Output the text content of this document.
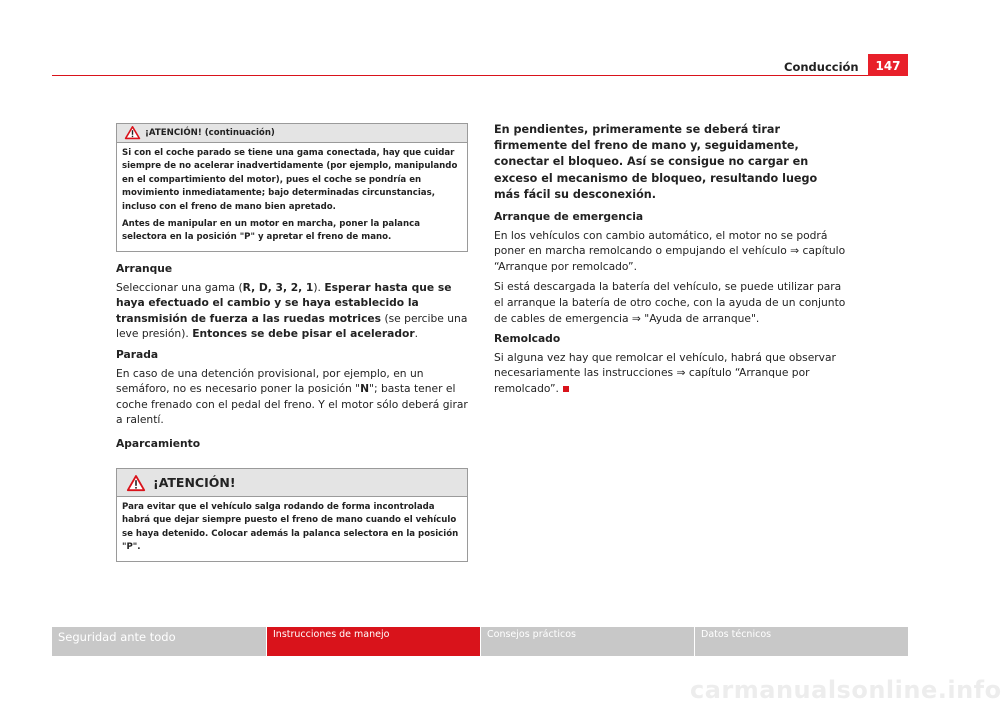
Conducción	147
¡ATENCIÓN! (continuación)

Si con el coche parado se tiene una gama conectada, hay que cuidar siempre de no acelerar inadvertidamente (por ejemplo, manipulando en el compartimiento del motor), pues el coche se pondría en movimiento inmediatamente; bajo determinadas circunstancias, incluso con el freno de mano bien apretado.

Antes de manipular en un motor en marcha, poner la palanca selectora en la posición "P" y apretar el freno de mano.

Arranque

Seleccionar una gama (R, D, 3, 2, 1). Esperar hasta que se haya efectuado el cambio y se haya establecido la transmisión de fuerza a las ruedas motrices (se percibe una leve presión). Entonces se debe pisar el acelerador.

Parada

En caso de una detención provisional, por ejemplo, en un semáforo, no es necesario poner la posición "N"; basta tener el coche frenado con el pedal del freno. Y el motor sólo deberá girar a ralentí.

Aparcamiento
¡ATENCIÓN!

Para evitar que el vehículo salga rodando de forma incontrolada habrá que dejar siempre puesto el freno de mano cuando el vehículo se haya detenido. Colocar además la palanca selectora en la posición "P".

En pendientes, primeramente se deberá tirar firmemente del freno de mano y, seguidamente, conectar el bloqueo. Así se consigue no cargar en exceso el mecanismo de bloqueo, resultando luego más fácil su desconexión.

Arranque de emergencia

En los vehículos con cambio automático, el motor no se podrá poner en marcha remolcando o empujando el vehículo ⇒ capítulo “Arranque por remolcado”.

Si está descargada la batería del vehículo, se puede utilizar para el arranque la batería de otro coche, con la ayuda de un conjunto de cables de emergencia ⇒ "Ayuda de arranque".

Remolcado

Si alguna vez hay que remolcar el vehículo, habrá que observar necesariamente las instrucciones ⇒ capítulo “Arranque por remolcado”.

Seguridad ante todo	Instrucciones de manejo	Consejos prácticos	Datos técnicos
carmanualsonline.info
